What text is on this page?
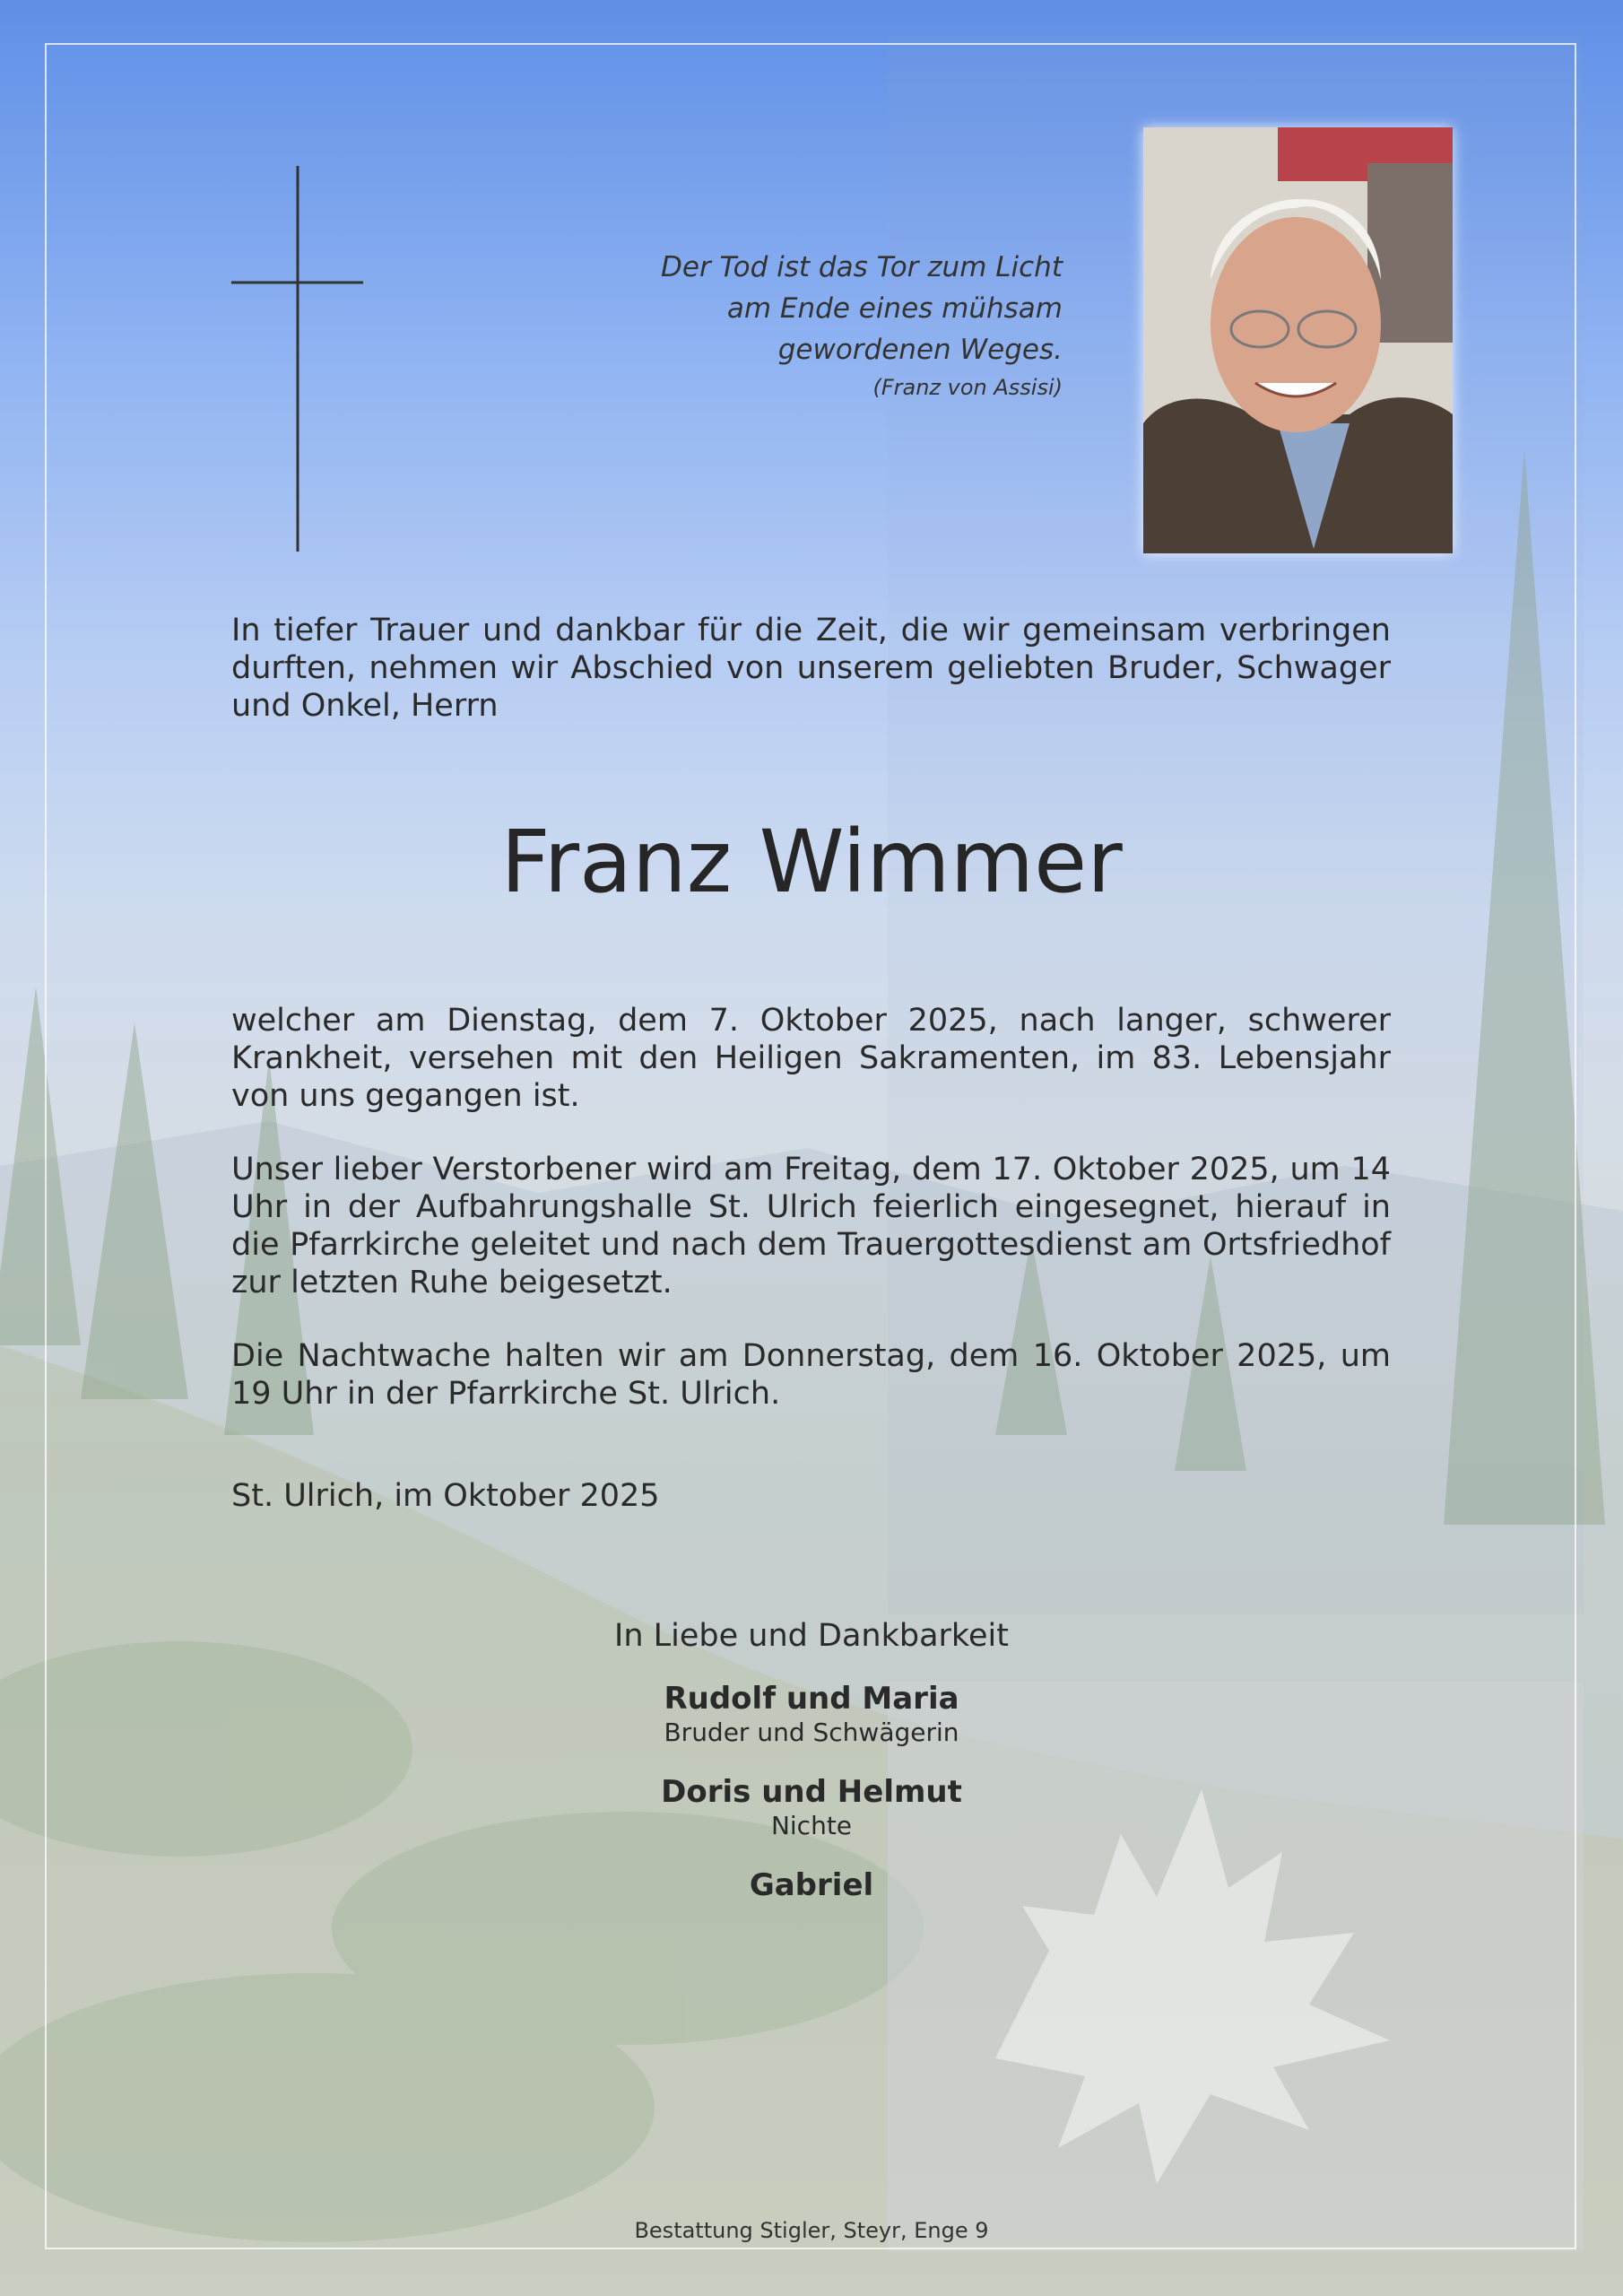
Der Tod ist das Tor zum Licht
am Ende eines mühsam
gewordenen Weges.
(Franz von Assisi)

In tiefer Trauer und dankbar für die Zeit, die wir gemeinsam verbringen durften, nehmen wir Abschied von unserem geliebten Bruder, Schwager und Onkel, Herrn

Franz Wimmer

welcher am Dienstag, dem 7. Oktober 2025, nach langer, schwerer Krankheit, versehen mit den Heiligen Sakramenten, im 83. Lebensjahr von uns gegangen ist.

Unser lieber Verstorbener wird am Freitag, dem 17. Oktober 2025, um 14 Uhr in der Aufbahrungshalle St. Ulrich feierlich eingesegnet, hierauf in die Pfarrkirche geleitet und nach dem Trauergottesdienst am Ortsfriedhof zur letzten Ruhe beigesetzt.

Die Nachtwache halten wir am Donnerstag, dem 16. Oktober 2025, um 19 Uhr in der Pfarrkirche St. Ulrich.

St. Ulrich, im Oktober 2025
In Liebe und Dankbarkeit
Rudolf und Maria
Bruder und Schwägerin
Doris und Helmut
Nichte
Gabriel
Bestattung Stigler, Steyr, Enge 9
